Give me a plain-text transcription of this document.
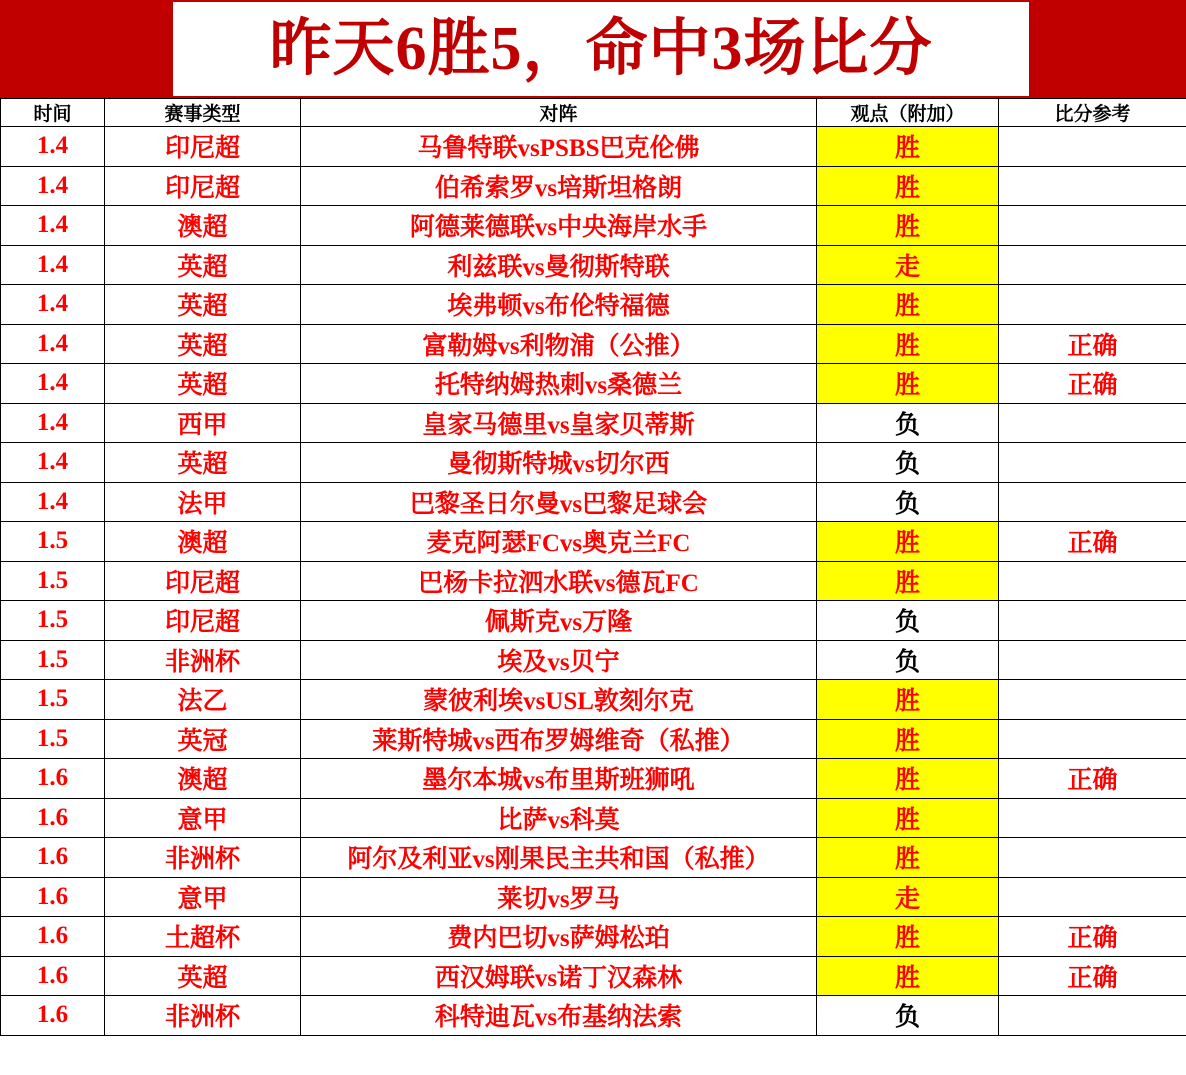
昨天6胜5，命中3场比分
时间	赛事类型	对阵	观点（附加）	比分参考
1.4	印尼超	马鲁特联vsPSBS巴克伦佛	胜	
1.4	印尼超	伯希索罗vs培斯坦格朗	胜	
1.4	澳超	阿德莱德联vs中央海岸水手	胜	
1.4	英超	利兹联vs曼彻斯特联	走	
1.4	英超	埃弗顿vs布伦特福德	胜	
1.4	英超	富勒姆vs利物浦（公推）	胜	正确
1.4	英超	托特纳姆热刺vs桑德兰	胜	正确
1.4	西甲	皇家马德里vs皇家贝蒂斯	负	
1.4	英超	曼彻斯特城vs切尔西	负	
1.4	法甲	巴黎圣日尔曼vs巴黎足球会	负	
1.5	澳超	麦克阿瑟FCvs奥克兰FC	胜	正确
1.5	印尼超	巴杨卡拉泗水联vs德瓦FC	胜	
1.5	印尼超	佩斯克vs万隆	负	
1.5	非洲杯	埃及vs贝宁	负	
1.5	法乙	蒙彼利埃vsUSL敦刻尔克	胜	
1.5	英冠	莱斯特城vs西布罗姆维奇（私推）	胜	
1.6	澳超	墨尔本城vs布里斯班狮吼	胜	正确
1.6	意甲	比萨vs科莫	胜	
1.6	非洲杯	阿尔及利亚vs刚果民主共和国（私推）	胜	
1.6	意甲	莱切vs罗马	走	
1.6	土超杯	费内巴切vs萨姆松珀	胜	正确
1.6	英超	西汉姆联vs诺丁汉森林	胜	正确
1.6	非洲杯	科特迪瓦vs布基纳法索	负	
